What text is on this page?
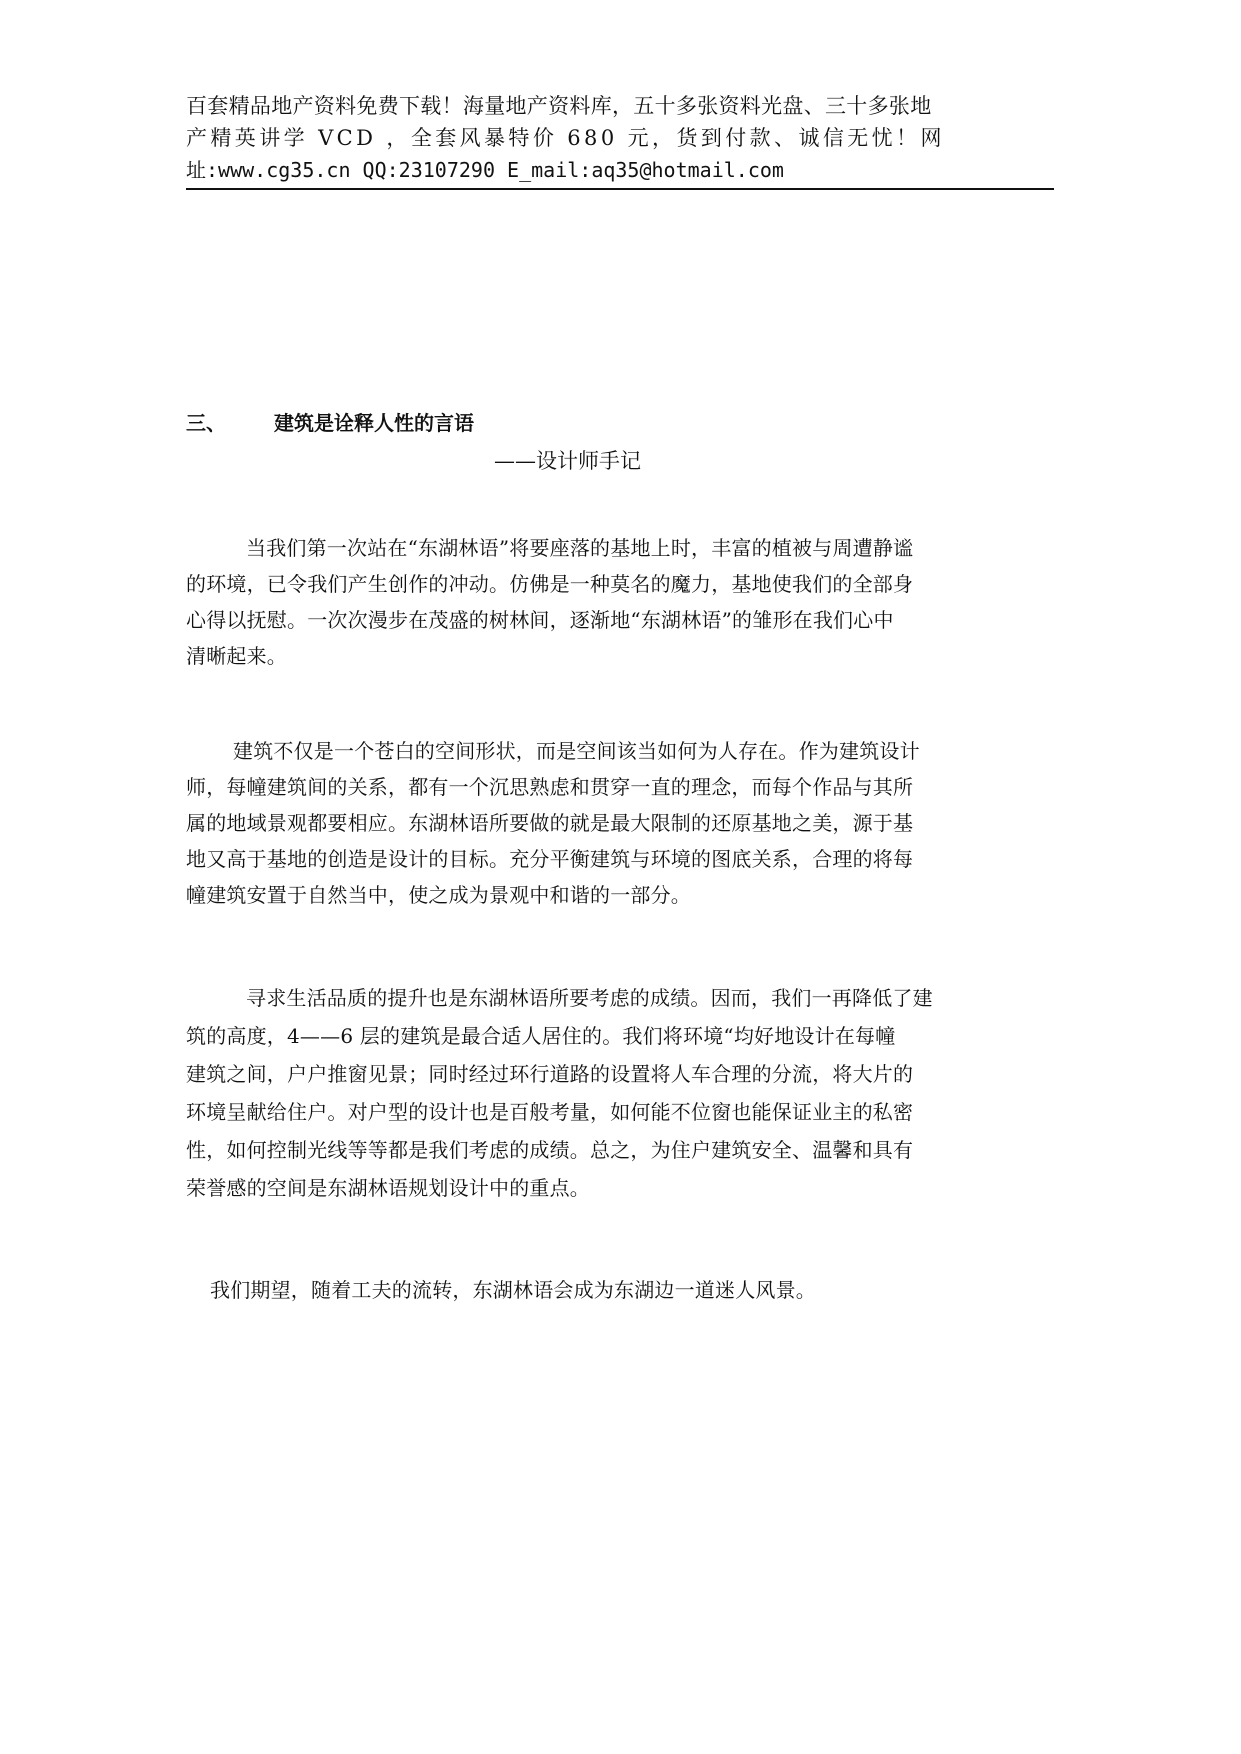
百套精品地产资料免费下载！海量地产资料库，五十多张资料光盘、三十多张地
产精英讲学 VCD ，全套风暴特价 680 元，货到付款、诚信无忧！网
址:www.cg35.cn QQ:23107290 E_mail:aq35@hotmail.com
三、 建筑是诠释人性的言语
——设计师手记
当我们第一次站在“东湖林语”将要座落的基地上时，丰富的植被与周遭静谧
的环境，已令我们产生创作的冲动。仿佛是一种莫名的魔力，基地使我们的全部身
心得以抚慰。一次次漫步在茂盛的树林间，逐渐地“东湖林语”的雏形在我们心中
清晰起来。
建筑不仅是一个苍白的空间形状，而是空间该当如何为人存在。作为建筑设计
师，每幢建筑间的关系，都有一个沉思熟虑和贯穿一直的理念，而每个作品与其所
属的地域景观都要相应。东湖林语所要做的就是最大限制的还原基地之美，源于基
地又高于基地的创造是设计的目标。充分平衡建筑与环境的图底关系，合理的将每
幢建筑安置于自然当中，使之成为景观中和谐的一部分。
寻求生活品质的提升也是东湖林语所要考虑的成绩。因而，我们一再降低了建
筑的高度，4——6 层的建筑是最合适人居住的。我们将环境“均好地设计在每幢
建筑之间，户户推窗见景；同时经过环行道路的设置将人车合理的分流，将大片的
环境呈献给住户。对户型的设计也是百般考量，如何能不位窗也能保证业主的私密
性，如何控制光线等等都是我们考虑的成绩。总之，为住户建筑安全、温馨和具有
荣誉感的空间是东湖林语规划设计中的重点。
我们期望，随着工夫的流转，东湖林语会成为东湖边一道迷人风景。
